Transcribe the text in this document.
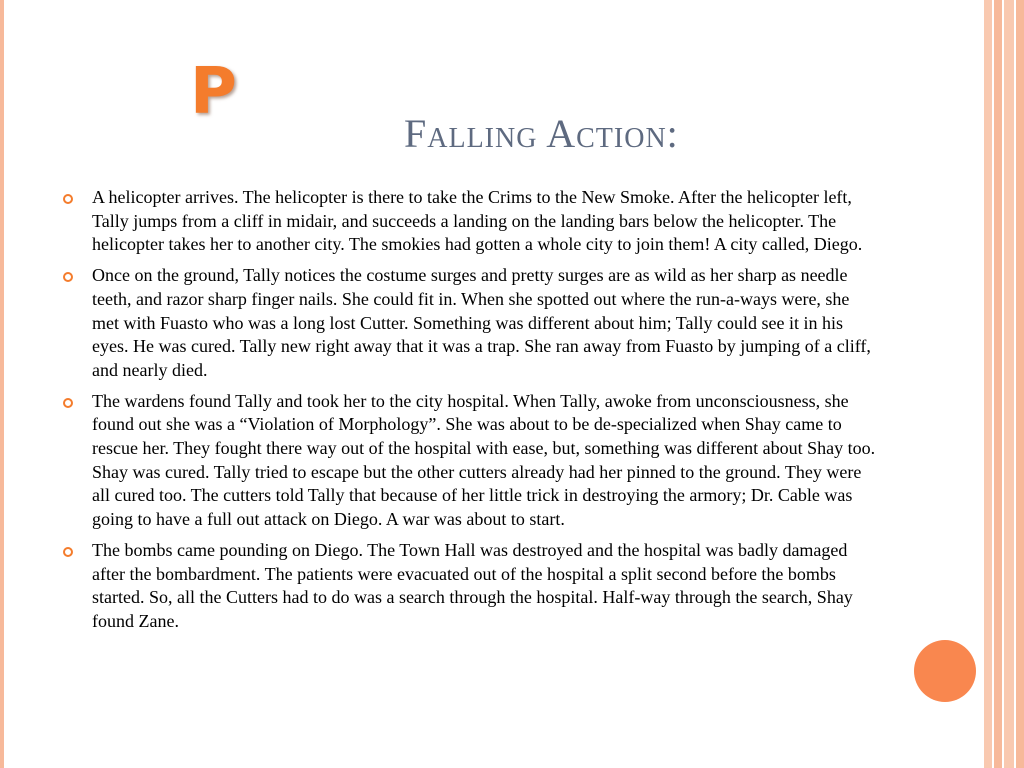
P
Falling Action:
A helicopter arrives. The helicopter is there to take the Crims to the New Smoke. After the helicopter left, Tally jumps from a cliff in midair, and succeeds a landing on the landing bars below the helicopter. The helicopter takes her to another city. The smokies had gotten a whole city to join them! A city called, Diego.
Once on the ground, Tally notices the costume surges and pretty surges are as wild as her sharp as needle teeth, and razor sharp finger nails. She could fit in. When she spotted out where the run-a-ways were, she met with Fuasto who was a long lost Cutter. Something was different about him; Tally could see it in his eyes. He was cured. Tally new right away that it was a trap. She ran away from Fuasto by jumping of a cliff, and nearly died.
The wardens found Tally and took her to the city hospital. When Tally, awoke from unconsciousness, she found out she was a “Violation of Morphology”. She was about to be de-specialized when Shay came to rescue her. They fought there way out of the hospital with ease, but, something was different about Shay too. Shay was cured. Tally tried to escape but the other cutters already had her pinned to the ground. They were all cured too. The cutters told Tally that because of her little trick in destroying the armory; Dr. Cable was going to have a full out attack on Diego. A war was about to start.
The bombs came pounding on Diego. The Town Hall was destroyed and the hospital was badly damaged after the bombardment. The patients were evacuated out of the hospital a split second before the bombs started. So, all the Cutters had to do was a search through the hospital. Half-way through the search, Shay found Zane.
